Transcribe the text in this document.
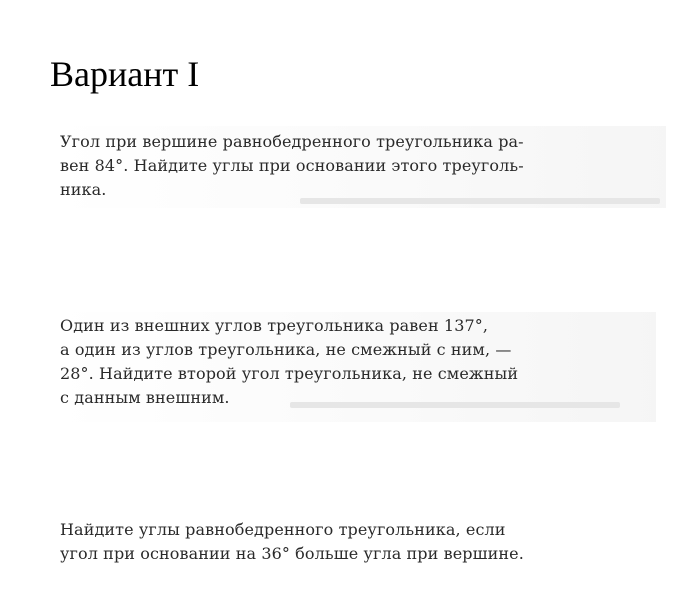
Вариант I
Угол при вершине равнобедренного треугольника ра-
вен 84°. Найдите углы при основании этого треуголь-
ника.
Один из внешних углов треугольника равен 137°,
а один из углов треугольника, не смежный с ним, —
28°. Найдите второй угол треугольника, не смежный
с данным внешним.
Найдите углы равнобедренного треугольника, если
угол при основании на 36° больше угла при вершине.
